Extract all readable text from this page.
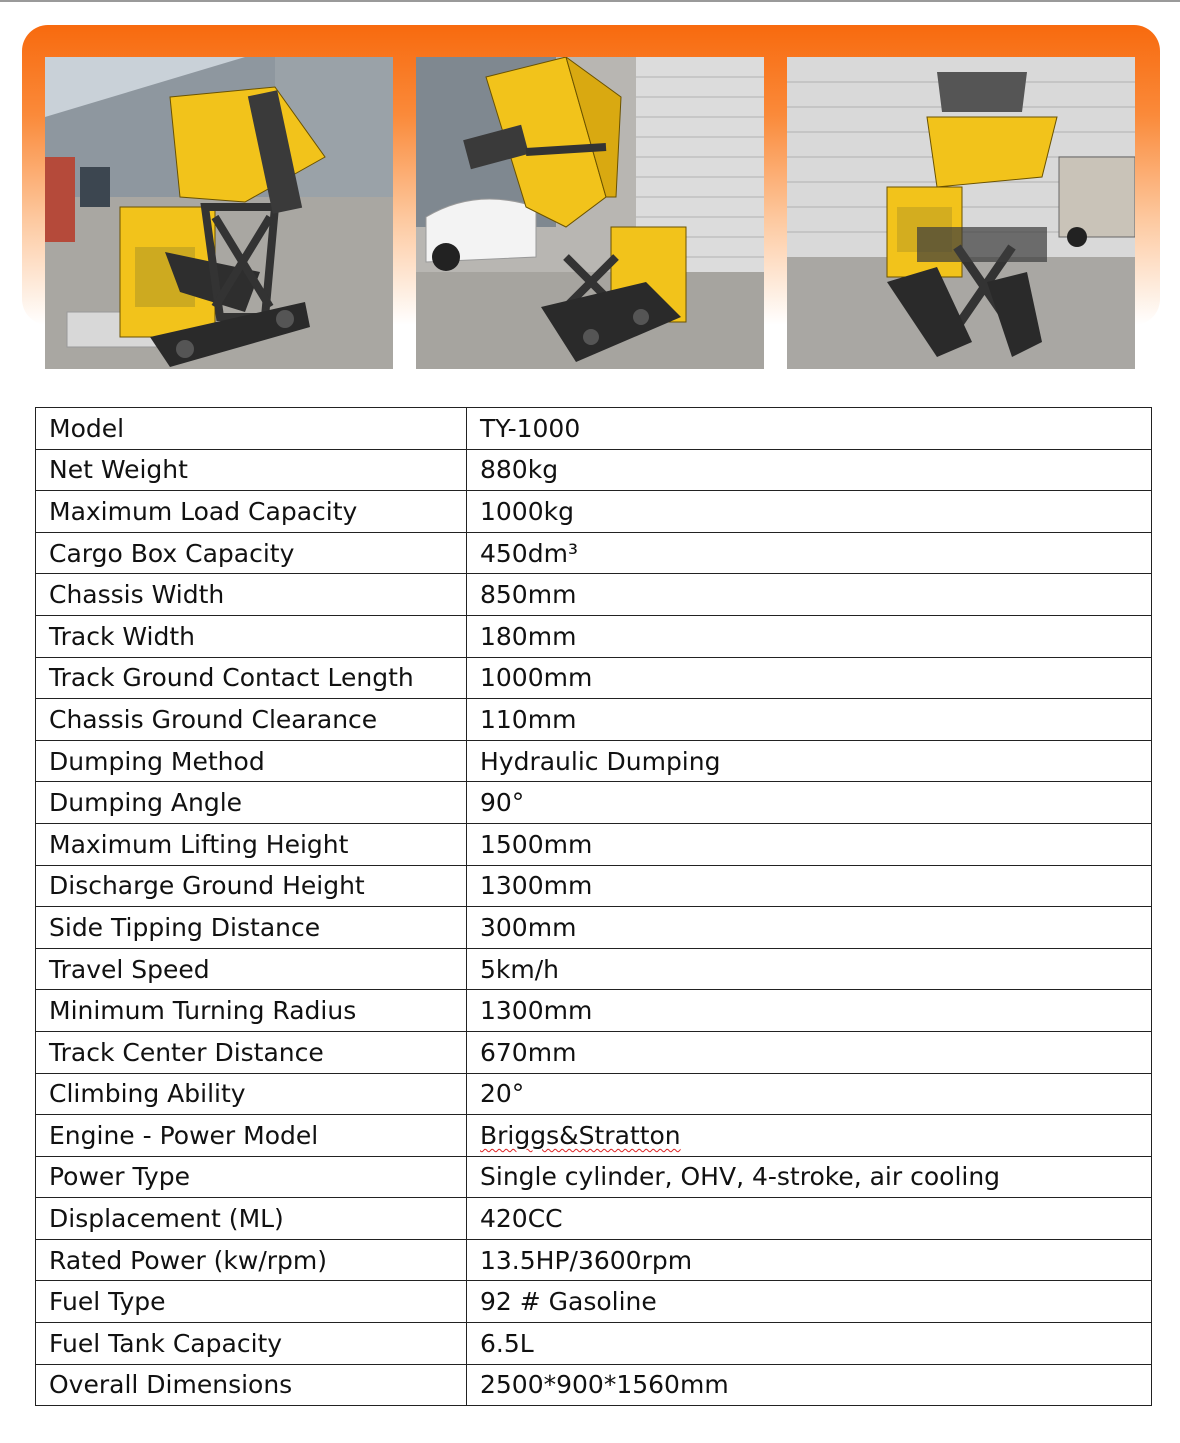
Model	TY-1000
Net Weight	880kg
Maximum Load Capacity	1000kg
Cargo Box Capacity	450dm³
Chassis Width	850mm
Track Width	180mm
Track Ground Contact Length	1000mm
Chassis Ground Clearance	110mm
Dumping Method	Hydraulic Dumping
Dumping Angle	90°
Maximum Lifting Height	1500mm
Discharge Ground Height	1300mm
Side Tipping Distance	300mm
Travel Speed	5km/h
Minimum Turning Radius	1300mm
Track Center Distance	670mm
Climbing Ability	20°
Engine - Power Model	Briggs&Stratton
Power Type	Single cylinder, OHV, 4-stroke, air cooling
Displacement (ML)	420CC
Rated Power (kw/rpm)	13.5HP/3600rpm
Fuel Type	92 # Gasoline
Fuel Tank Capacity	6.5L
Overall Dimensions	2500*900*1560mm
